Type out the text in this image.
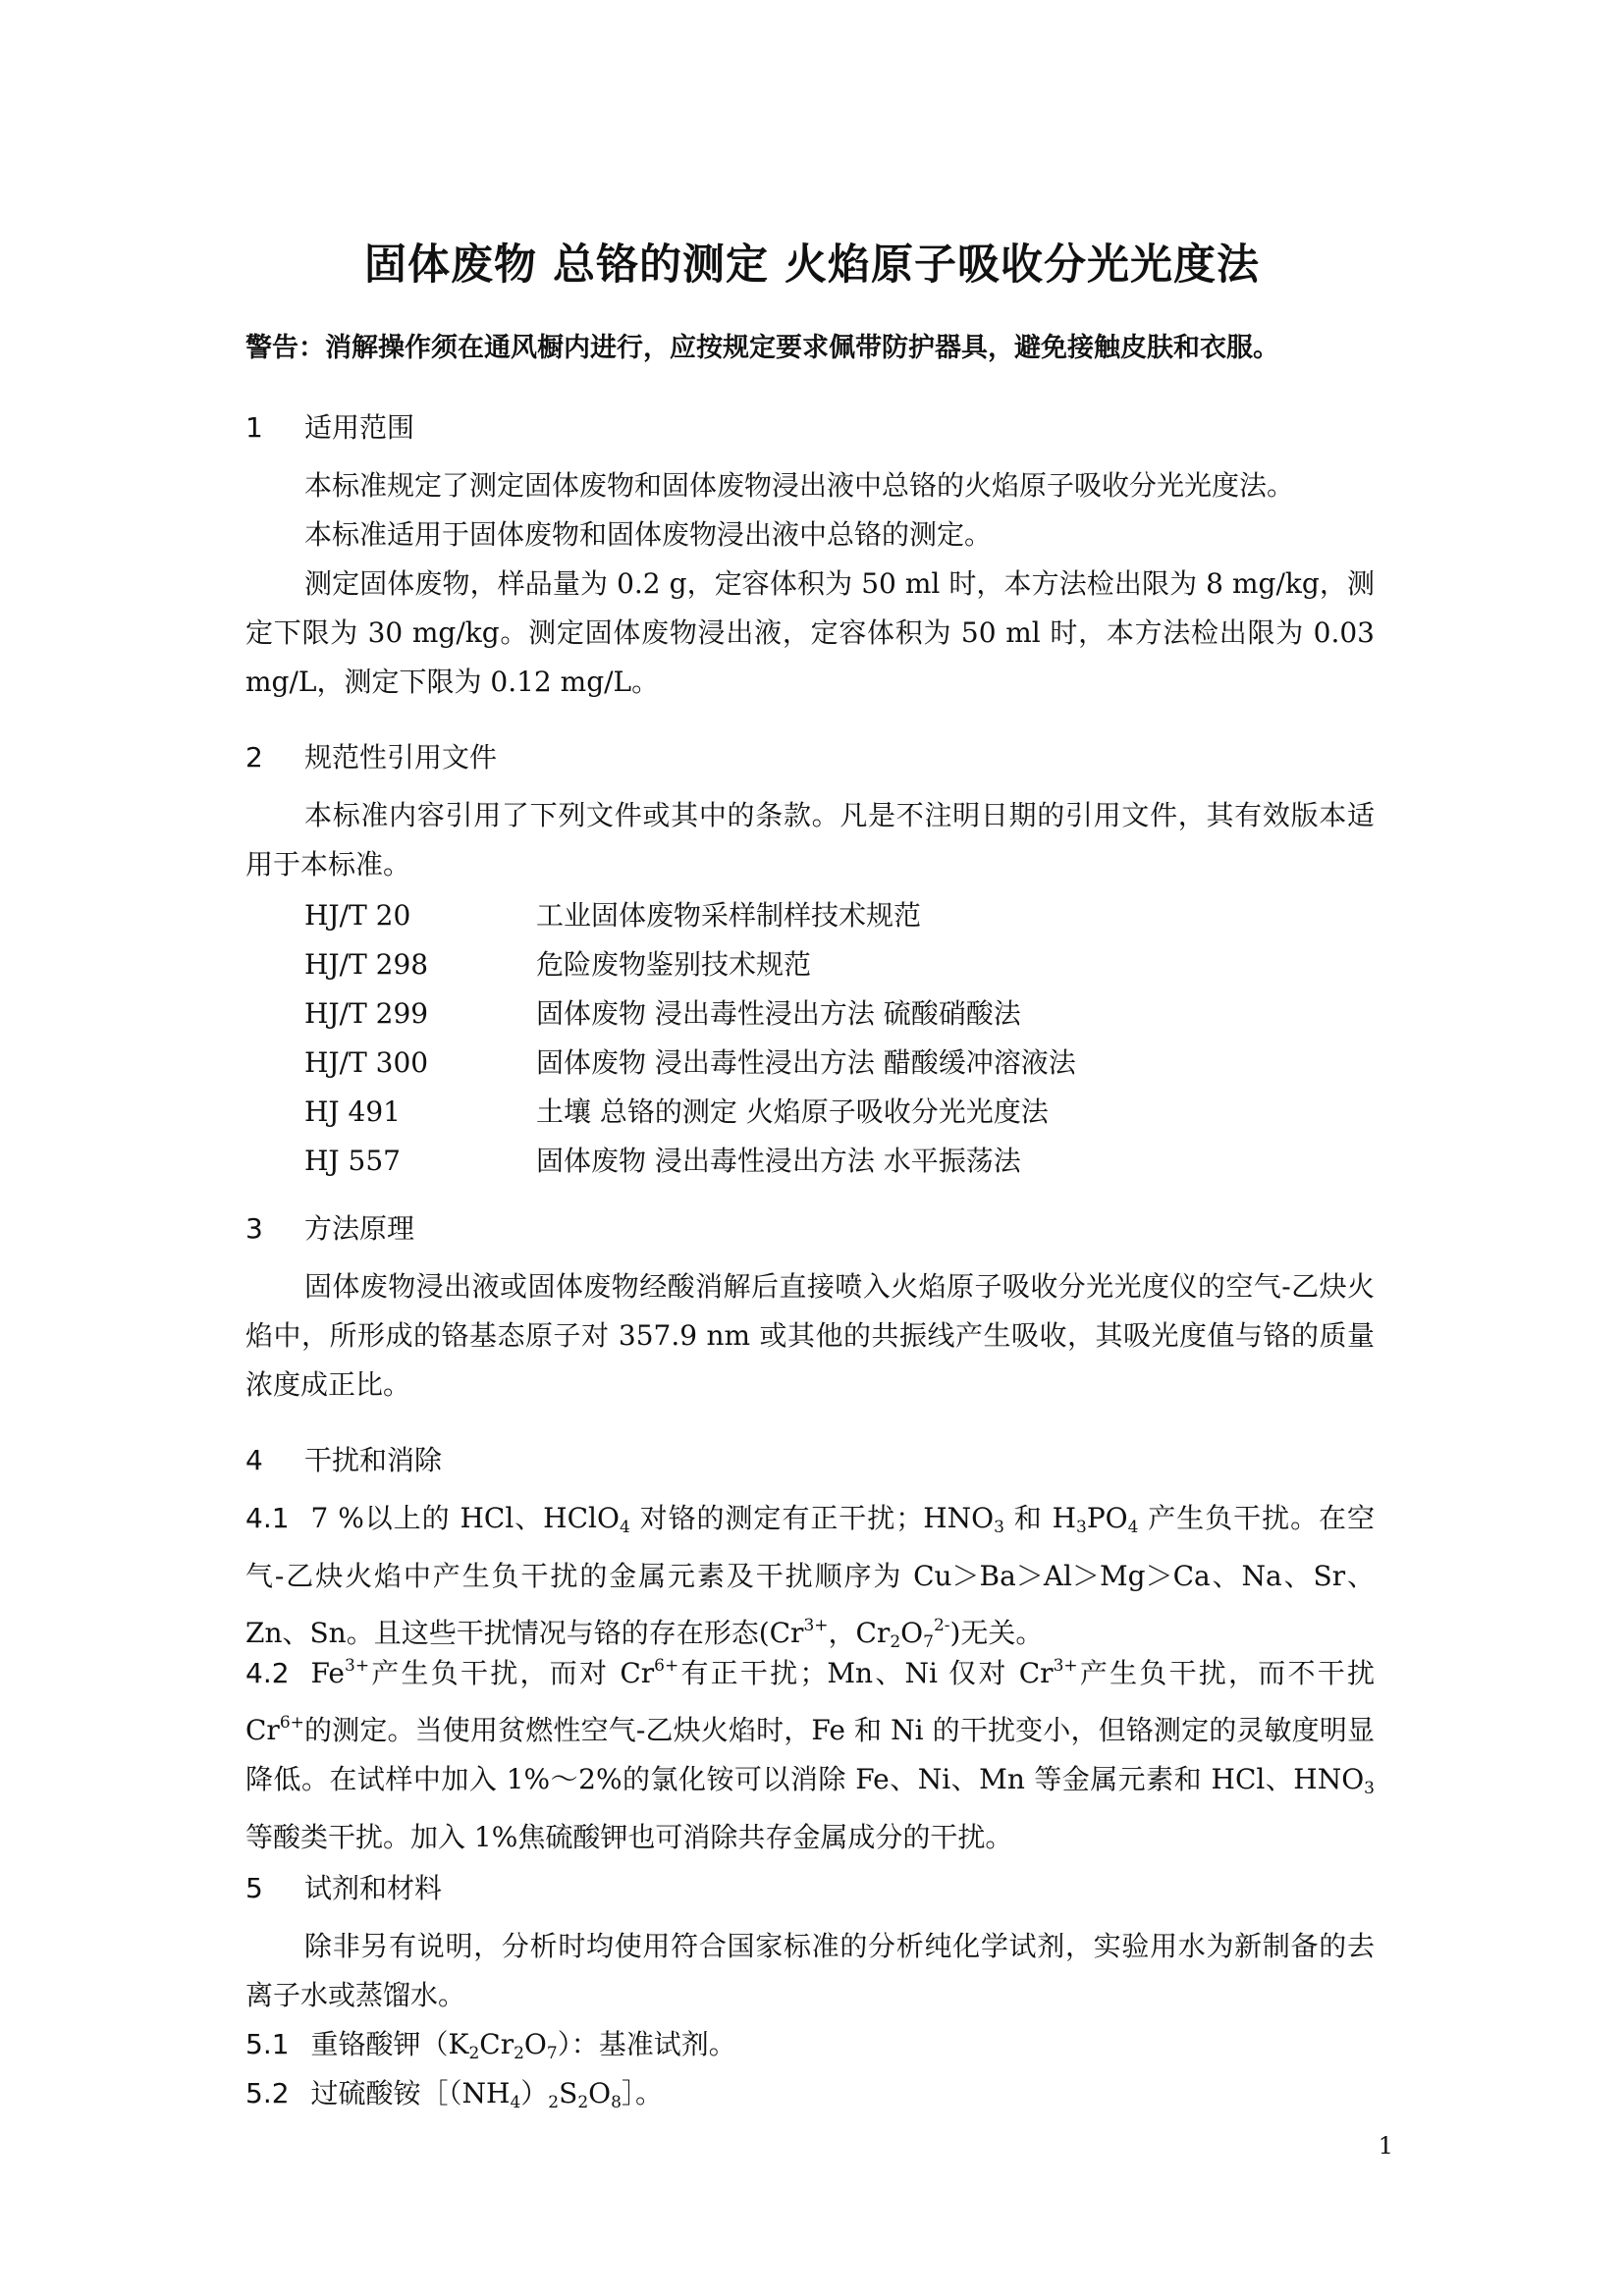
固体废物 总铬的测定 火焰原子吸收分光光度法
警告：消解操作须在通风橱内进行，应按规定要求佩带防护器具，避免接触皮肤和衣服。
1 适用范围
本标准规定了测定固体废物和固体废物浸出液中总铬的火焰原子吸收分光光度法。
本标准适用于固体废物和固体废物浸出液中总铬的测定。
测定固体废物，样品量为 0.2 g，定容体积为 50 ml 时，本方法检出限为 8 mg/kg，测定下限为 30 mg/kg。测定固体废物浸出液，定容体积为 50 ml 时，本方法检出限为 0.03 mg/L，测定下限为 0.12 mg/L。
2 规范性引用文件
本标准内容引用了下列文件或其中的条款。凡是不注明日期的引用文件，其有效版本适用于本标准。
HJ/T 20	工业固体废物采样制样技术规范
HJ/T 298	危险废物鉴别技术规范
HJ/T 299	固体废物 浸出毒性浸出方法 硫酸硝酸法
HJ/T 300	固体废物 浸出毒性浸出方法 醋酸缓冲溶液法
HJ 491	土壤 总铬的测定 火焰原子吸收分光光度法
HJ 557	固体废物 浸出毒性浸出方法 水平振荡法
3 方法原理
固体废物浸出液或固体废物经酸消解后直接喷入火焰原子吸收分光光度仪的空气-乙炔火焰中，所形成的铬基态原子对 357.9 nm 或其他的共振线产生吸收，其吸光度值与铬的质量浓度成正比。
4 干扰和消除
4.1 7 %以上的 HCl、HClO$_4$ 对铬的测定有正干扰；$HNO_3$ 和 $H_3PO_4$ 产生负干扰。在空气-乙炔火焰中产生负干扰的金属元素及干扰顺序为 Cu＞Ba＞Al＞Mg＞Ca、Na、Sr、Zn、Sn。且这些干扰情况与铬的存在形态($Cr^{3+}$，$Cr_2O_7^{2-}$)无关。
4.2 $Fe^{3+}$产生负干扰，而对 $Cr^{6+}$有正干扰；Mn、Ni 仅对 $Cr^{3+}$产生负干扰，而不干扰 $Cr^{6+}$的测定。当使用贫燃性空气-乙炔火焰时，Fe 和 Ni 的干扰变小，但铬测定的灵敏度明显降低。在试样中加入 1%～2%的氯化铵可以消除 Fe、Ni、Mn 等金属元素和 HCl、$HNO_3$ 等酸类干扰。加入 1%焦硫酸钾也可消除共存金属成分的干扰。
5 试剂和材料
除非另有说明，分析时均使用符合国家标准的分析纯化学试剂，实验用水为新制备的去离子水或蒸馏水。
5.1 重铬酸钾$(K_2Cr_2O_7)$：基准试剂。
5.2 过硫酸铵$[(NH_4)_2S_2O_8]$。
1
